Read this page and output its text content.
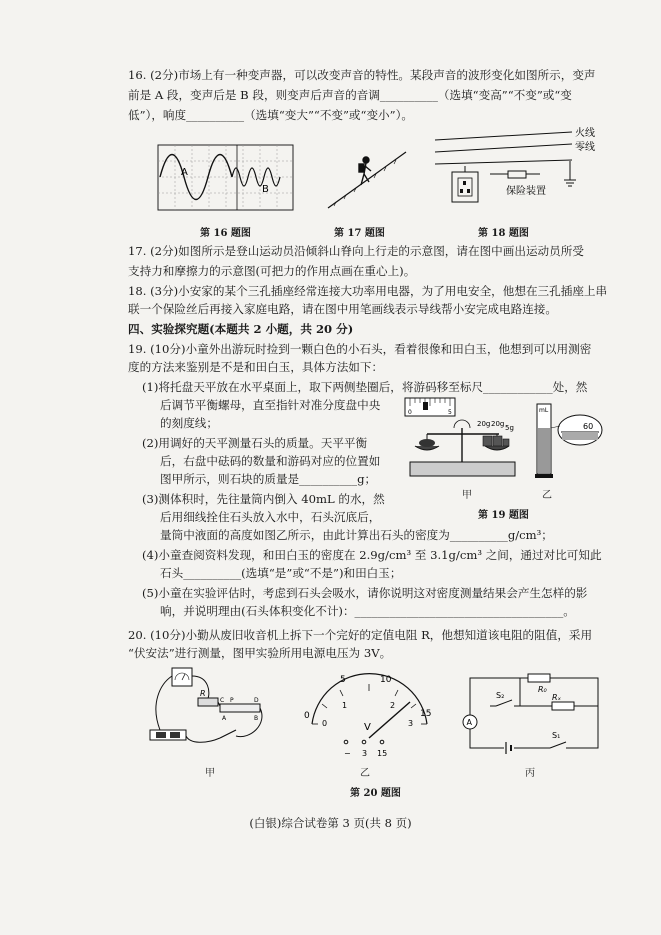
16. (2分)市场上有一种变声器，可以改变声音的特性。某段声音的波形变化如图所示，变声
前是 A 段，变声后是 B 段，则变声后声音的音调__________（选填“变高”“不变”或“变
低”），响度__________（选填“变大”“不变”或“变小”）。
A
B
第 16 题图	第 17 题图
火线
零线
保险装置
第 18 题图
17. (2分)如图所示是登山运动员沿倾斜山脊向上行走的示意图，请在图中画出运动员所受
支持力和摩擦力的示意图(可把力的作用点画在重心上)。
18. (3分)小安家的某个三孔插座经常连接大功率用电器，为了用电安全，他想在三孔插座上串
联一个保险丝后再接入家庭电路，请在图中用笔画线表示导线帮小安完成电路连接。
四、实验探究题(本题共 2 小题，共 20 分)
19. (10分)小童外出游玩时捡到一颗白色的小石头，看着很像和田白玉，他想到可以用测密
度的方法来鉴别是不是和田白玉，具体方法如下：
(1)将托盘天平放在水平桌面上，取下两侧垫圈后，将游码移至标尺____________处，然
后调节平衡螺母，直至指针对准分度盘中央
的刻度线；
(2)用调好的天平测量石头的质量。天平平衡
后，右盘中砝码的数量和游码对应的位置如
图甲所示，则石块的质量是__________g；
(3)测体积时，先往量筒内倒入 40mL 的水，然
后用细线拴住石头放入水中，石头沉底后，
量筒中液面的高度如图乙所示，由此计算出石头的密度为__________g/cm³；
(4)小童查阅资料发现，和田白玉的密度在 2.9g/cm³ 至 3.1g/cm³ 之间，通过对比可知此
石头__________(选填“是”或“不是”)和田白玉；
(5)小童在实验评估时，考虑到石头会吸水，请你说明这对密度测量结果会产生怎样的影
响，并说明理由(石头体积变化不计)：____________________________________。
0	5
20g 20g 5g
mL
60
甲	乙
第 19 题图
20. (10分)小勤从废旧收音机上拆下一个完好的定值电阻 R，他想知道该电阻的阻值，采用
“伏安法”进行测量，图甲实验所用电源电压为 3V。
R
C P	D
A	B
甲
0
5	10
15
0
1	2
3
V
− 3 15
乙
R₀
Rₓ
S₂
A
S₁
丙
第 20 题图
(白银)综合试卷第 3 页(共 8 页)
